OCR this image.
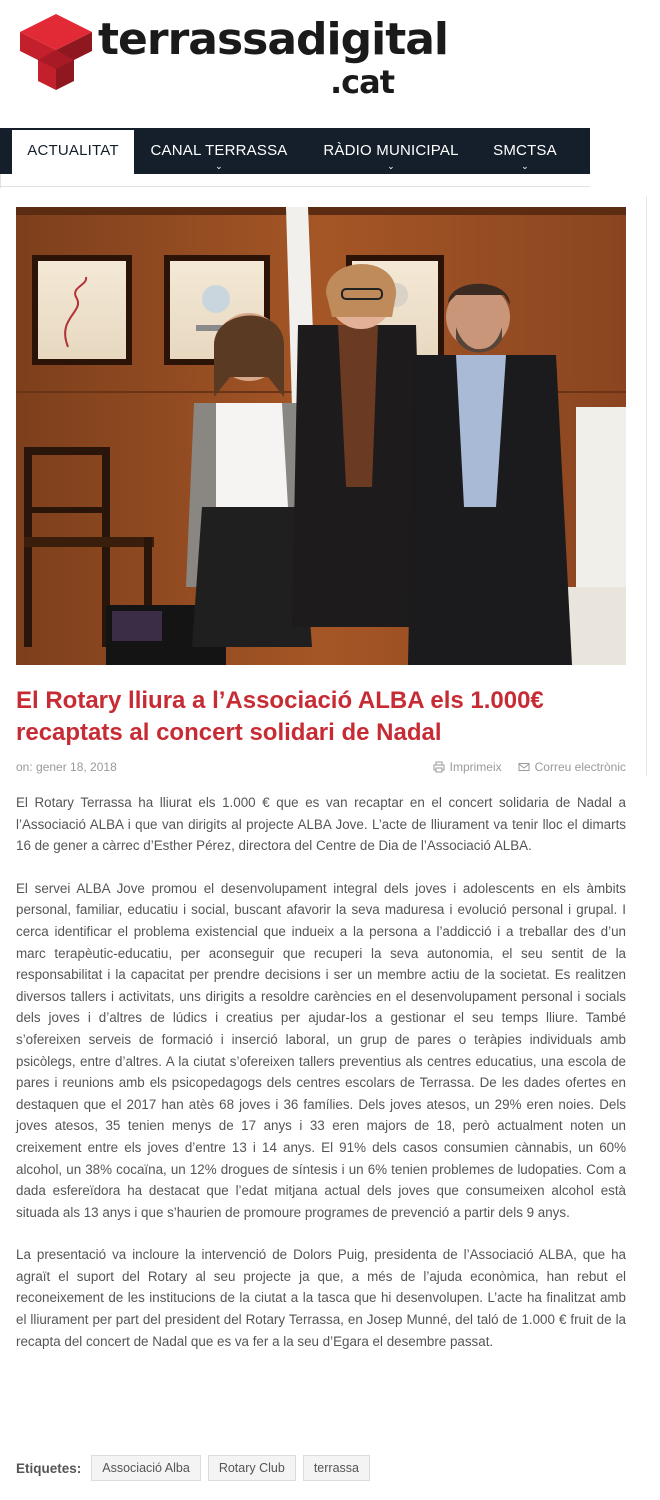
terrassadigital
.cat
ACTUALITAT	CANAL TERRASSA
⌄
RÀDIO MUNICIPAL
⌄
SMCTSA
⌄
El Rotary lliura a l’Associació ALBA els 1.000€ recaptats al concert solidari de Nadal
on: gener 18, 2018	Imprimeix	Correu electrònic

El Rotary Terrassa ha lliurat els 1.000 € que es van recaptar en el concert solidaria de Nadal a l’Associació ALBA i que van dirigits al projecte ALBA Jove. L’acte de lliurament va tenir lloc el dimarts 16 de gener a càrrec d’Esther Pérez, directora del Centre de Dia de l’Associació ALBA.

El servei ALBA Jove promou el desenvolupament integral dels joves i adolescents en els àmbits personal, familiar, educatiu i social, buscant afavorir la seva maduresa i evolució personal i grupal. I cerca identificar el problema existencial que indueix a la persona a l’addicció i a treballar des d’un marc terapèutic-educatiu, per aconseguir que recuperi la seva autonomia, el seu sentit de la responsabilitat i la capacitat per prendre decisions i ser un membre actiu de la societat. Es realitzen diversos tallers i activitats, uns dirigits a resoldre carències en el desenvolupament personal i socials dels joves i d’altres de lúdics i creatius per ajudar-los a gestionar el seu temps lliure. També s’ofereixen serveis de formació i inserció laboral, un grup de pares o teràpies individuals amb psicòlegs, entre d’altres. A la ciutat s’ofereixen tallers preventius als centres educatius, una escola de pares i reunions amb els psicopedagogs dels centres escolars de Terrassa. De les dades ofertes en destaquen que el 2017 han atès 68 joves i 36 famílies. Dels joves atesos, un 29% eren noies. Dels joves atesos, 35 tenien menys de 17 anys i 33 eren majors de 18, però actualment noten un creixement entre els joves d’entre 13 i 14 anys. El 91% dels casos consumien cànnabis, un 60% alcohol, un 38% cocaïna, un 12% drogues de síntesis i un 6% tenien problemes de ludopaties. Com a dada esfereïdora ha destacat que l’edat mitjana actual dels joves que consumeixen alcohol està situada als 13 anys i que s’haurien de promoure programes de prevenció a partir dels 9 anys.

La presentació va incloure la intervenció de Dolors Puig, presidenta de l’Associació ALBA, que ha agraït el suport del Rotary al seu projecte ja que, a més de l’ajuda econòmica, han rebut el reconeixement de les institucions de la ciutat a la tasca que hi desenvolupen. L’acte ha finalitzat amb el lliurament per part del president del Rotary Terrassa, en Josep Munné, del taló de 1.000 € fruit de la recapta del concert de Nadal que es va fer a la seu d’Egara el desembre passat.

Etiquetes:	Associació Alba	Rotary Club	terrassa
